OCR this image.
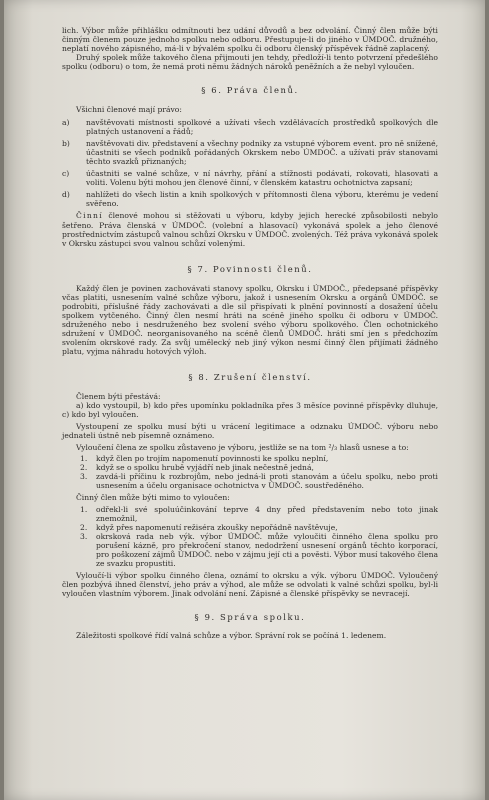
lich. Výbor může přihlášku odmítnouti bez udání důvodů a bez odvolání. Činný člen může býti činným členem pouze jednoho spolku nebo odboru. Přestupuje-li do jiného v ÚMDOČ. družného, neplatí nového zápisného, má-li v bývalém spolku či odboru členský příspěvek řádně zaplacený.

Druhý spolek může takového člena přijmouti jen tehdy, předloží-li tento potvrzení předešlého spolku (odboru) o tom, že nemá proti němu žádných nároků peněžních a že nebyl vyloučen.

§ 6. Práva členů.

Všichni členové mají právo:

a) navštěvovati místnosti spolkové a užívati všech vzdělávacích prostředků spolkových dle platných ustanovení a řádů;
b) navštěvovati div. představení a všechny podniky za vstupné výborem event. pro ně snížené, účastniti se všech podniků pořádaných Okrskem nebo ÚMDOČ. a užívati práv stanovami těchto svazků přiznaných;
c) účastniti se valné schůze, v ní návrhy, přání a stížnosti podávati, rokovati, hlasovati a voliti. Volenu býti mohou jen členové činní, v členském katastru ochotnictva zapsaní;
d) nahlížeti do všech listin a knih spolkových v přítomnosti člena výboru, kterému je vedení svěřeno.

Činní členové mohou si stěžovati u výboru, kdyby jejich herecké způsobilosti nebylo šetřeno. Práva členská v ÚMDOČ. (volební a hlasovací) vykonává spolek a jeho členové prostřednictvím zástupců valnou schůzí Okrsku v ÚMDOČ. zvolených. Též práva vykonává spolek v Okrsku zástupci svou valnou schůzí volenými.

§ 7. Povinnosti členů.

Každý člen je povinen zachovávati stanovy spolku, Okrsku i ÚMDOČ., předepsané příspěvky včas platiti, usnesením valné schůze výboru, jakož i usnesením Okrsku a orgánů ÚMDOČ. se podrobiti, příslušné řády zachovávati a dle sil přispívati k plnění povinností a dosažení účelu spolkem vytčeného. Činný člen nesmí hráti na scéně jiného spolku či odboru v ÚMDOČ. sdruženého nebo i nesdruženého bez svolení svého výboru spolkového. Člen ochotnického sdružení v ÚMDOČ. neorganisovaného na scéně členů ÚMDOČ. hráti smí jen s předchozím svolením okrskové rady. Za svůj umělecký neb jiný výkon nesmí činný člen přijímati žádného platu, vyjma náhradu hotových výloh.

§ 8. Zrušení členství.

Členem býti přestává:

a) kdo vystoupil, b) kdo přes upomínku pokladníka přes 3 měsíce povinné příspěvky dluhuje, c) kdo byl vyloučen.

Vystoupení ze spolku musí býti u vrácení legitimace a odznaku ÚMDOČ. výboru nebo jednateli ústně neb písemně oznámeno.

Vyloučení člena ze spolku zůstaveno je výboru, jestliže se na tom ²/₃ hlasů usnese a to:

1. když člen po trojím napomenutí povinnosti ke spolku neplní,
2. když se o spolku hrubě vyjádří neb jinak nečestně jedná,
3. zavdá-li příčinu k rozbrojům, nebo jedná-li proti stanovám a účelu spolku, nebo proti usnesením a účelu organisace ochotnictva v ÚMDOČ. soustředěného.

Činný člen může býti mimo to vyloučen:

1. odřekl-li své spoluúčinkování teprve 4 dny před představením nebo toto jinak znemožnil,
2. když přes napomenutí režiséra zkoušky nepořádně navštěvuje,
3. okrsková rada neb výk. výbor ÚMDOČ. může vyloučiti činného člena spolku pro porušení kázně, pro překročení stanov, nedodržení usnesení orgánů těchto korporací, pro poškození zájmů ÚMDOČ. nebo v zájmu její cti a pověsti. Výbor musí takového člena ze svazku propustiti.

Vyloučí-li výbor spolku činného člena, oznámí to okrsku a výk. výboru ÚMDOČ. Vyloučený člen pozbývá ihned členství, jeho práv a výhod, ale může se odvolati k valné schůzi spolku, byl-li vyloučen vlastním výborem. Jinak odvolání není. Zápisné a členské příspěvky se nevracejí.

§ 9. Správa spolku.

Záležitosti spolkové řídí valná schůze a výbor. Správní rok se počíná 1. ledenem.
